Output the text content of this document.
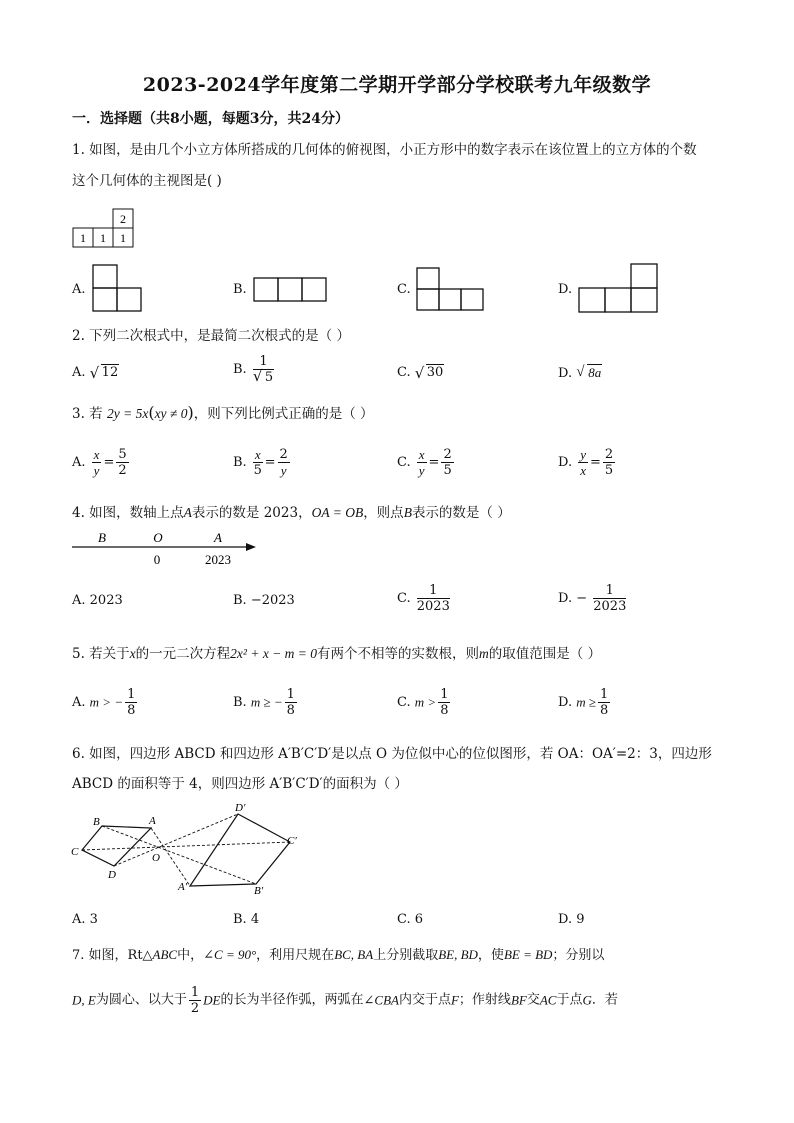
2023-2024学年度第二学期开学部分学校联考九年级数学
一．选择题（共8小题，每题3分，共24分）
1. 如图，是由几个小立方体所搭成的几何体的俯视图，小正方形中的数字表示在该位置上的立方体的个数
这个几何体的主视图是( )
2
1 1 1
A.	B.	C.	D.
2. 下列二次根式中，是最简二次根式的是（ ）
A. √ 12	B. 1
√ 5	C. √ 30	D. √ 8a
3. 若 2y = 5x(xy ≠ 0)，则下列比例式正确的是（ ）
A. $\frac{x}{y} = \frac{5}{2}$	B. $\frac{x}{5} = \frac{2}{y}$	C. $\frac{x}{y} = \frac{2}{5}$	D. $\frac{y}{x} = \frac{2}{5}$
4. 如图，数轴上点A表示的数是 2023，OA = OB，则点B表示的数是（ ）
B	O	A
0	2023
A. 2023	B. −2023	C. $\frac{1}{2023}$	D. − $\frac{1}{2023}$
5. 若关于x的一元二次方程2x² + x − m = 0有两个不相等的实数根，则m的取值范围是（ ）
A. m > − $\frac{1}{8}$	B. m ≥ − $\frac{1}{8}$	C. $m > \frac{1}{8}$	D. $m \ge \frac{1}{8}$
6. 如图，四边形 ABCD 和四边形 A′B′C′D′是以点 O 为位似中心的位似图形，若 OA：OA′=2：3，四边形
ABCD 的面积等于 4，则四边形 A′B′C′D′的面积为（ ）
B	A
C
D
O
A′	B′
C′
D′
A. 3	B. 4	C. 6	D. 9
7. 如图，Rt△ABC中，∠C = 90°，利用尺规在BC, BA上分别截取BE, BD，使BE = BD；分别以
D, E为圆心、以大于 $\frac{1}{2}$ DE的长为半径作弧，两弧在∠CBA内交于点F；作射线BF交AC于点G．若
